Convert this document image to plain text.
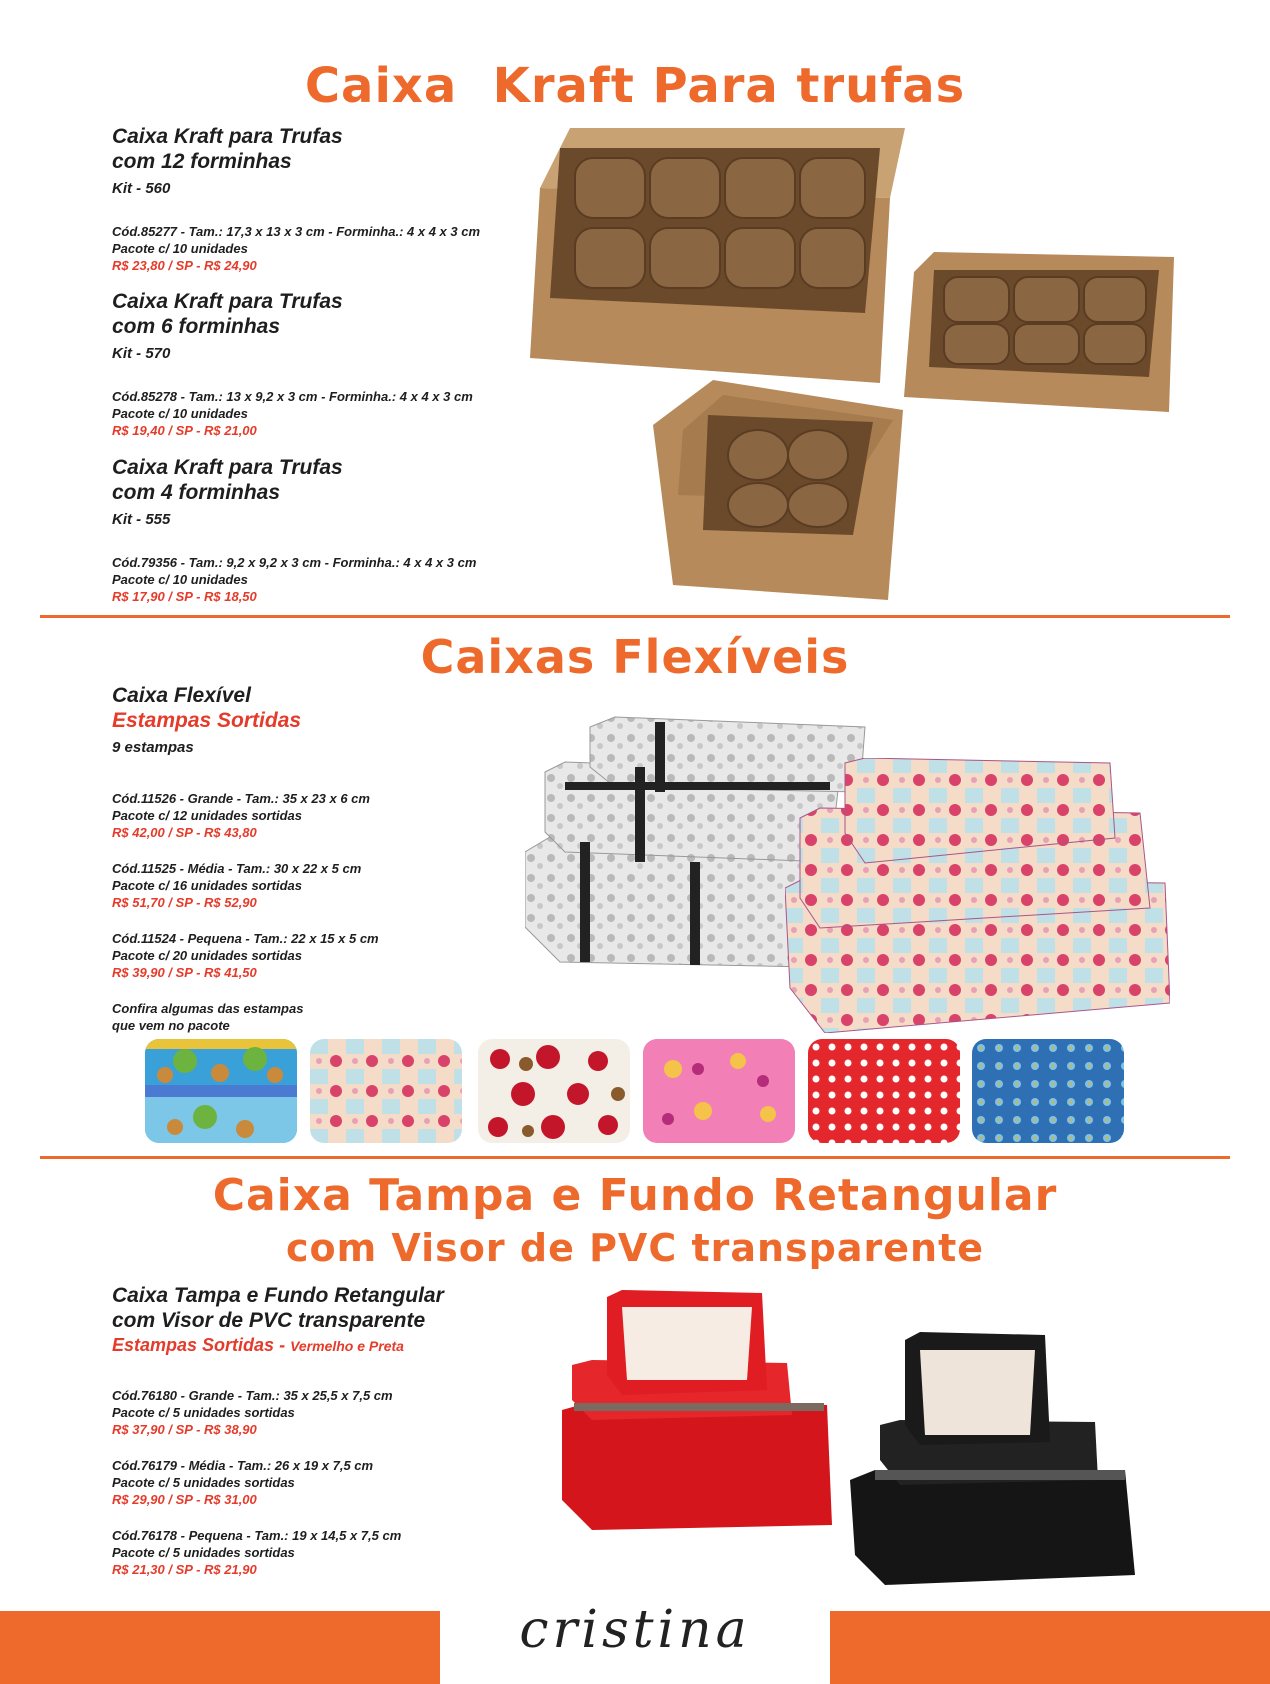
Caixa  Kraft Para trufas
Caixa Kraft para Trufas
com 12 forminhas
Kit - 560
Cód.85277 - Tam.: 17,3 x 13 x 3 cm - Forminha.: 4 x 4 x 3 cm
Pacote c/ 10 unidades
R$ 23,80 / SP - R$ 24,90
Caixa Kraft para Trufas
com 6 forminhas
Kit - 570
Cód.85278 - Tam.: 13 x 9,2 x 3 cm - Forminha.: 4 x 4 x 3 cm
Pacote c/ 10 unidades
R$ 19,40 / SP - R$ 21,00
Caixa Kraft para Trufas
com 4 forminhas
Kit - 555
Cód.79356 - Tam.: 9,2 x 9,2 x 3 cm - Forminha.: 4 x 4 x 3 cm
Pacote c/ 10 unidades
R$ 17,90 / SP - R$ 18,50
Caixas Flexíveis
Caixa Flexível
Estampas Sortidas
9 estampas
Cód.11526 - Grande - Tam.: 35 x 23 x 6 cm
Pacote c/ 12 unidades sortidas
R$ 42,00 / SP - R$ 43,80
Cód.11525 - Média - Tam.: 30 x 22 x 5 cm
Pacote c/ 16 unidades sortidas
R$ 51,70 / SP - R$ 52,90
Cód.11524 - Pequena - Tam.: 22 x 15 x 5 cm
Pacote c/ 20 unidades sortidas
R$ 39,90 / SP - R$ 41,50
Confira algumas das estampas
que vem no pacote
Caixa Tampa e Fundo Retangular
com Visor de PVC transparente
Caixa Tampa e Fundo Retangular
com Visor de PVC transparente
Estampas Sortidas - Vermelho e Preta
Cód.76180 - Grande - Tam.: 35 x 25,5 x 7,5 cm
Pacote c/ 5 unidades sortidas
R$ 37,90 / SP - R$ 38,90
Cód.76179 - Média - Tam.: 26 x 19 x 7,5 cm
Pacote c/ 5 unidades sortidas
R$ 29,90 / SP - R$ 31,00
Cód.76178 - Pequena - Tam.: 19 x 14,5 x 7,5 cm
Pacote c/ 5 unidades sortidas
R$ 21,30 / SP - R$ 21,90
cristina
